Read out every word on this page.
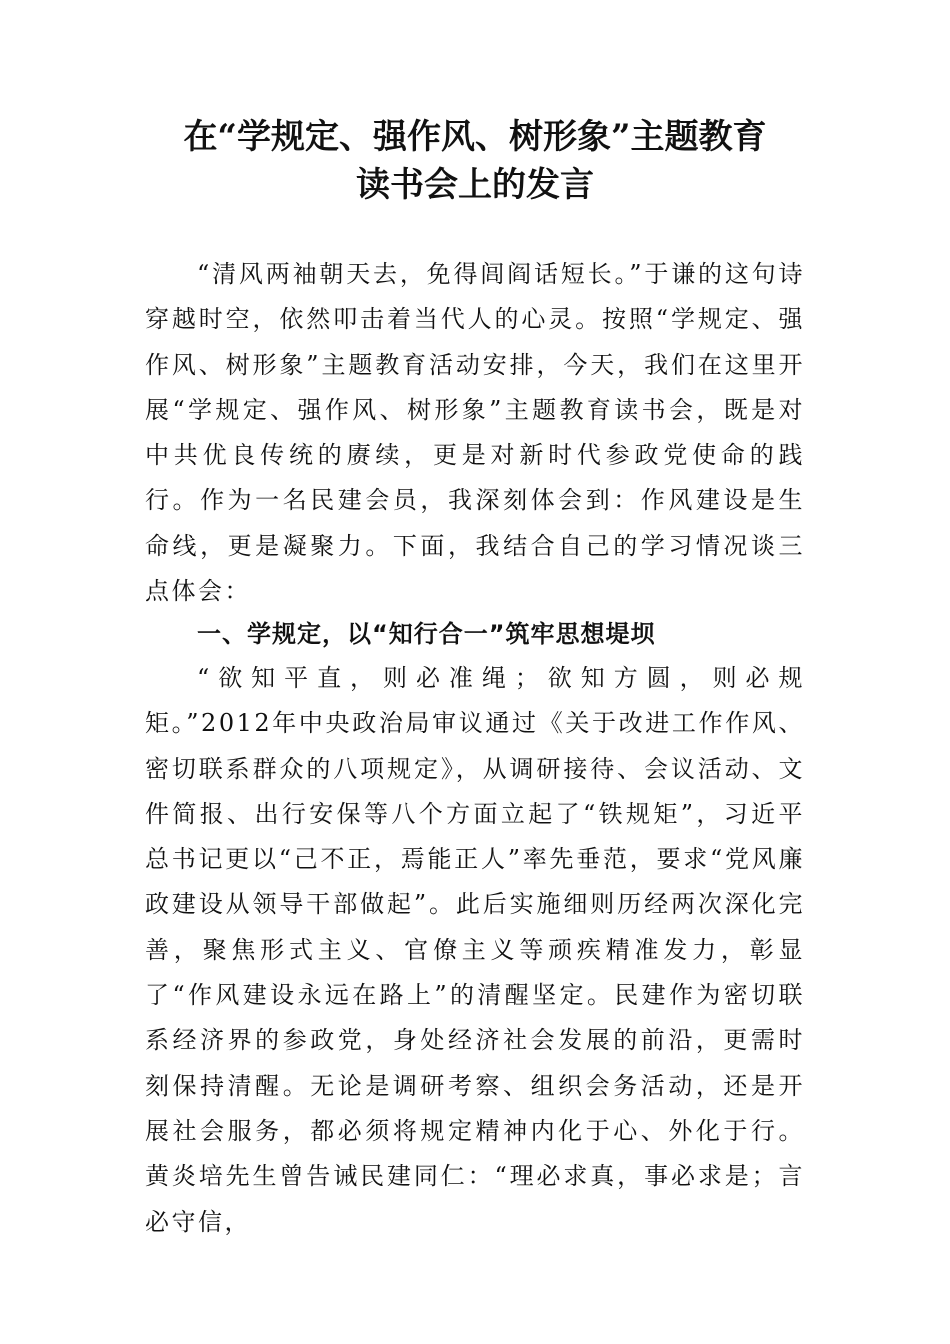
在“学规定、强作风、树形象”主题教育
读书会上的发言

“清风两袖朝天去，免得闾阎话短长。”于谦的这句诗穿越时空，依然叩击着当代人的心灵。按照“学规定、强作风、树形象”主题教育活动安排，今天，我们在这里开展“学规定、强作风、树形象”主题教育读书会，既是对中共优良传统的赓续，更是对新时代参政党使命的践行。作为一名民建会员，我深刻体会到：作风建设是生命线，更是凝聚力。下面，我结合自己的学习情况谈三点体会：

一、学规定，以“知行合一”筑牢思想堤坝

“欲知平直，则必准绳；欲知方圆，则必规矩。”2012年中央政治局审议通过《关于改进工作作风、密切联系群众的八项规定》，从调研接待、会议活动、文件简报、出行安保等八个方面立起了“铁规矩”，习近平总书记更以“己不正，焉能正人”率先垂范，要求“党风廉政建设从领导干部做起”。此后实施细则历经两次深化完善，聚焦形式主义、官僚主义等顽疾精准发力，彰显了“作风建设永远在路上”的清醒坚定。民建作为密切联系经济界的参政党，身处经济社会发展的前沿，更需时刻保持清醒。无论是调研考察、组织会务活动，还是开展社会服务，都必须将规定精神内化于心、外化于行。黄炎培先生曾告诫民建同仁：“理必求真，事必求是；言必守信，
